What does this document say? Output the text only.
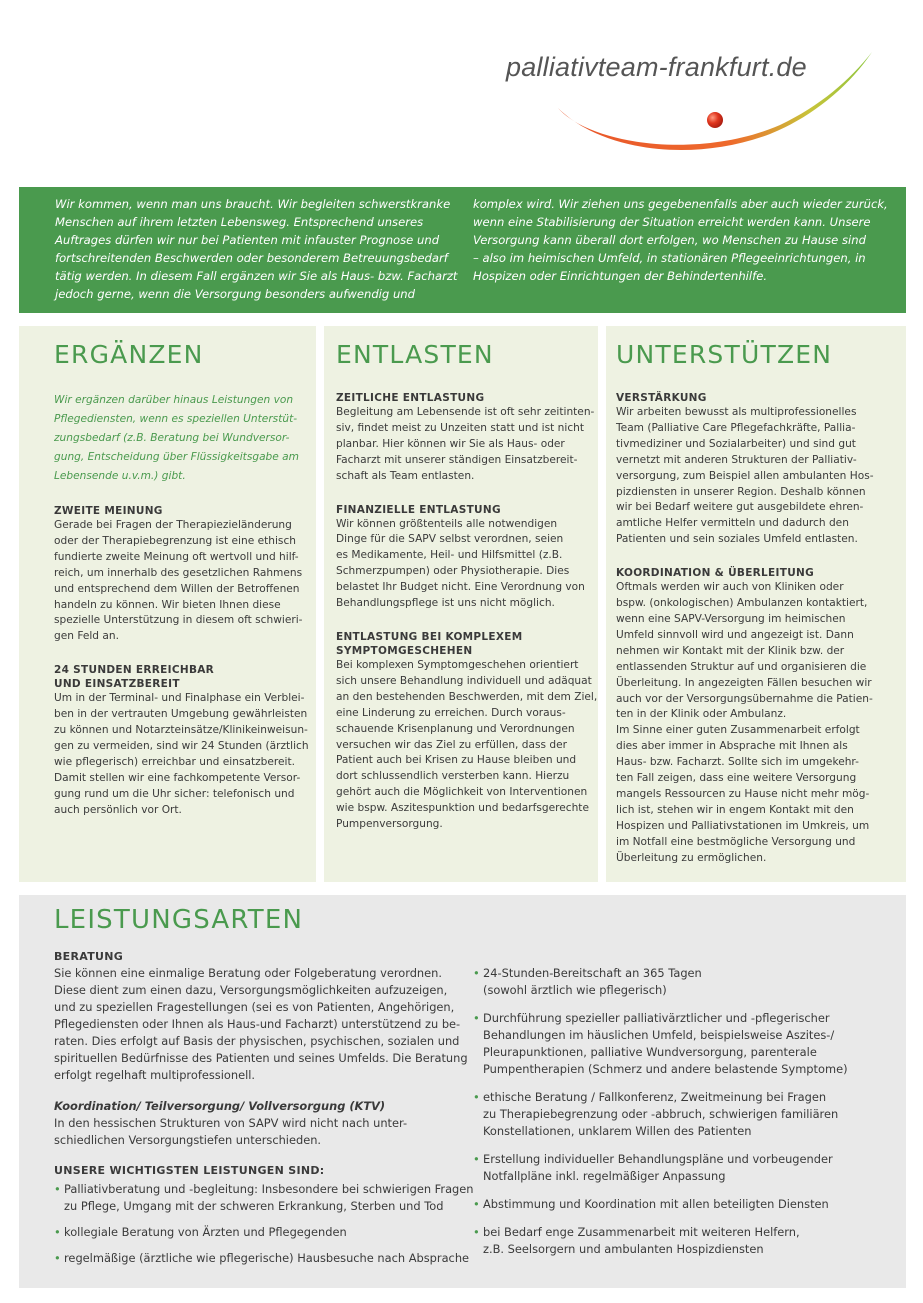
palliativteam-frankfurt.de

Wir kommen, wenn man uns braucht. Wir begleiten schwerstkranke

Menschen auf ihrem letzten Lebensweg. Entsprechend unseres

Auftrages dürfen wir nur bei Patienten mit infauster Prognose und

fortschreitenden Beschwerden oder besonderem Betreuungsbedarf

tätig werden. In diesem Fall ergänzen wir Sie als Haus- bzw. Facharzt

jedoch gerne, wenn die Versorgung besonders aufwendig und

komplex wird. Wir ziehen uns gegebenenfalls aber auch wieder zurück,

wenn eine Stabilisierung der Situation erreicht werden kann. Unsere

Versorgung kann überall dort erfolgen, wo Menschen zu Hause sind

– also im heimischen Umfeld, in stationären Pflegeeinrichtungen, in

Hospizen oder Einrichtungen der Behindertenhilfe.

ERGÄNZEN
Wir ergänzen darüber hinaus Leistungen von
Pflegediensten, wenn es speziellen Unterstüt-
zungsbedarf (z.B. Beratung bei Wundversor-
gung, Entscheidung über Flüssigkeitsgabe am
Lebensende u.v.m.) gibt.
ZWEITE MEINUNG
Gerade bei Fragen der Therapiezieländerung
oder der Therapiebegrenzung ist eine ethisch
fundierte zweite Meinung oft wertvoll und hilf-
reich, um innerhalb des gesetzlichen Rahmens
und entsprechend dem Willen der Betroffenen
handeln zu können. Wir bieten Ihnen diese
spezielle Unterstützung in diesem oft schwieri-
gen Feld an.
24 STUNDEN ERREICHBAR
UND EINSATZBEREIT
Um in der Terminal- und Finalphase ein Verblei-
ben in der vertrauten Umgebung gewährleisten
zu können und Notarzteinsätze/Klinikeinweisun-
gen zu vermeiden, sind wir 24 Stunden (ärztlich
wie pflegerisch) erreichbar und einsatzbereit.
Damit stellen wir eine fachkompetente Versor-
gung rund um die Uhr sicher: telefonisch und
auch persönlich vor Ort.
ENTLASTEN
ZEITLICHE ENTLASTUNG
Begleitung am Lebensende ist oft sehr zeitinten-
siv, findet meist zu Unzeiten statt und ist nicht
planbar. Hier können wir Sie als Haus- oder
Facharzt mit unserer ständigen Einsatzbereit-
schaft als Team entlasten.
FINANZIELLE ENTLASTUNG
Wir können größtenteils alle notwendigen
Dinge für die SAPV selbst verordnen, seien
es Medikamente, Heil- und Hilfsmittel (z.B.
Schmerzpumpen) oder Physiotherapie. Dies
belastet Ihr Budget nicht. Eine Verordnung von
Behandlungspflege ist uns nicht möglich.
ENTLASTUNG BEI KOMPLEXEM
SYMPTOMGESCHEHEN
Bei komplexen Symptomgeschehen orientiert
sich unsere Behandlung individuell und adäquat
an den bestehenden Beschwerden, mit dem Ziel,
eine Linderung zu erreichen. Durch voraus-
schauende Krisenplanung und Verordnungen
versuchen wir das Ziel zu erfüllen, dass der
Patient auch bei Krisen zu Hause bleiben und
dort schlussendlich versterben kann. Hierzu
gehört auch die Möglichkeit von Interventionen
wie bspw. Aszitespunktion und bedarfsgerechte
Pumpenversorgung.
UNTERSTÜTZEN
VERSTÄRKUNG
Wir arbeiten bewusst als multiprofessionelles
Team (Palliative Care Pflegefachkräfte, Pallia-
tivmediziner und Sozialarbeiter) und sind gut
vernetzt mit anderen Strukturen der Palliativ-
versorgung, zum Beispiel allen ambulanten Hos-
pizdiensten in unserer Region. Deshalb können
wir bei Bedarf weitere gut ausgebildete ehren-
amtliche Helfer vermitteln und dadurch den
Patienten und sein soziales Umfeld entlasten.
KOORDINATION & ÜBERLEITUNG
Oftmals werden wir auch von Kliniken oder
bspw. (onkologischen) Ambulanzen kontaktiert,
wenn eine SAPV-Versorgung im heimischen
Umfeld sinnvoll wird und angezeigt ist. Dann
nehmen wir Kontakt mit der Klinik bzw. der
entlassenden Struktur auf und organisieren die
Überleitung. In angezeigten Fällen besuchen wir
auch vor der Versorgungsübernahme die Patien-
ten in der Klinik oder Ambulanz.
Im Sinne einer guten Zusammenarbeit erfolgt
dies aber immer in Absprache mit Ihnen als
Haus- bzw. Facharzt. Sollte sich im umgekehr-
ten Fall zeigen, dass eine weitere Versorgung
mangels Ressourcen zu Hause nicht mehr mög-
lich ist, stehen wir in engem Kontakt mit den
Hospizen und Palliativstationen im Umkreis, um
im Notfall eine bestmögliche Versorgung und
Überleitung zu ermöglichen.
LEISTUNGSARTEN
BERATUNG
Sie können eine einmalige Beratung oder Folgeberatung verordnen.
Diese dient zum einen dazu, Versorgungsmöglichkeiten aufzuzeigen,
und zu speziellen Fragestellungen (sei es von Patienten, Angehörigen,
Pflegediensten oder Ihnen als Haus-und Facharzt) unterstützend zu be-
raten. Dies erfolgt auf Basis der physischen, psychischen, sozialen und
spirituellen Bedürfnisse des Patienten und seines Umfelds. Die Beratung
erfolgt regelhaft multiprofessionell.
Koordination/ Teilversorgung/ Vollversorgung (KTV)
In den hessischen Strukturen von SAPV wird nicht nach unter-
schiedlichen Versorgungstiefen unterschieden.
UNSERE WICHTIGSTEN LEISTUNGEN SIND:
• Palliativberatung und -begleitung: Insbesondere bei schwierigen Fragen
zu Pflege, Umgang mit der schweren Erkrankung, Sterben und Tod
• kollegiale Beratung von Ärzten und Pflegegenden
• regelmäßige (ärztliche wie pflegerische) Hausbesuche nach Absprache
• 24-Stunden-Bereitschaft an 365 Tagen
(sowohl ärztlich wie pflegerisch)
• Durchführung spezieller palliativärztlicher und -pflegerischer
Behandlungen im häuslichen Umfeld, beispielsweise Aszites-/
Pleurapunktionen, palliative Wundversorgung, parenterale
Pumpentherapien (Schmerz und andere belastende Symptome)
• ethische Beratung / Fallkonferenz, Zweitmeinung bei Fragen
zu Therapiebegrenzung oder -abbruch, schwierigen familiären
Konstellationen, unklarem Willen des Patienten
• Erstellung individueller Behandlungspläne und vorbeugender
Notfallpläne inkl. regelmäßiger Anpassung
• Abstimmung und Koordination mit allen beteiligten Diensten
• bei Bedarf enge Zusammenarbeit mit weiteren Helfern,
z.B. Seelsorgern und ambulanten Hospizdiensten
